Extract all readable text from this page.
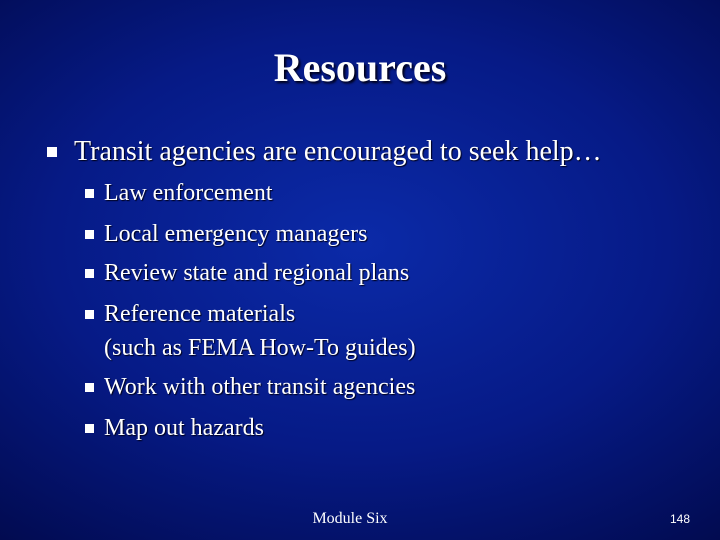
Resources
Transit agencies are encouraged to seek help…
Law enforcement
Local emergency managers
Review state and regional plans
Reference materials
(such as FEMA How-To guides)
Work with other transit agencies
Map out hazards
Module Six	148
